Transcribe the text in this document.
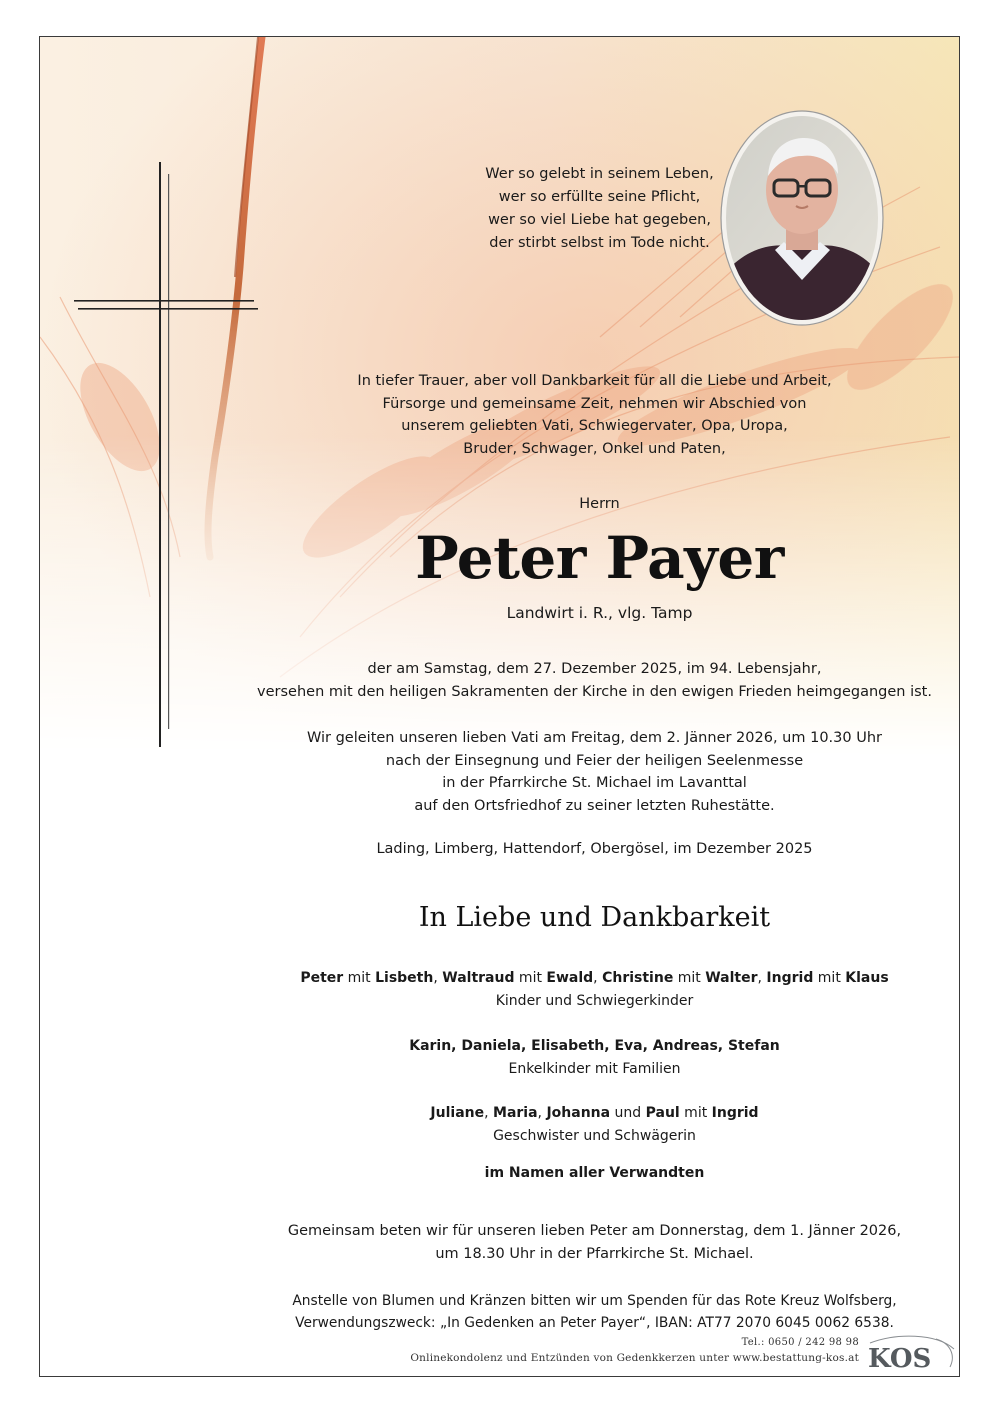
Wer so gelebt in seinem Leben,
wer so erfüllte seine Pflicht,
wer so viel Liebe hat gegeben,
der stirbt selbst im Tode nicht.
In tiefer Trauer, aber voll Dankbarkeit für all die Liebe und Arbeit,
Fürsorge und gemeinsame Zeit, nehmen wir Abschied von
unserem geliebten Vati, Schwiegervater, Opa, Uropa,
Bruder, Schwager, Onkel und Paten,
Herrn
Peter Payer
Landwirt i. R., vlg. Tamp
der am Samstag, dem 27. Dezember 2025, im 94. Lebensjahr,
versehen mit den heiligen Sakramenten der Kirche in den ewigen Frieden heimgegangen ist.
Wir geleiten unseren lieben Vati am Freitag, dem 2. Jänner 2026, um 10.30 Uhr
nach der Einsegnung und Feier der heiligen Seelenmesse
in der Pfarrkirche St. Michael im Lavanttal
auf den Ortsfriedhof zu seiner letzten Ruhestätte.
Lading, Limberg, Hattendorf, Obergösel, im Dezember 2025
In Liebe und Dankbarkeit
Peter mit Lisbeth, Waltraud mit Ewald, Christine mit Walter, Ingrid mit Klaus
Kinder und Schwiegerkinder
Karin, Daniela, Elisabeth, Eva, Andreas, Stefan
Enkelkinder mit Familien
Juliane, Maria, Johanna und Paul mit Ingrid
Geschwister und Schwägerin
im Namen aller Verwandten
Gemeinsam beten wir für unseren lieben Peter am Donnerstag, dem 1. Jänner 2026,
um 18.30 Uhr in der Pfarrkirche St. Michael.
Anstelle von Blumen und Kränzen bitten wir um Spenden für das Rote Kreuz Wolfsberg,
Verwendungszweck: „In Gedenken an Peter Payer“, IBAN: AT77 2070 6045 0062 6538.
Tel.: 0650 / 242 98 98
Onlinekondolenz und Entzünden von Gedenkkerzen unter www.bestattung-kos.at KOS
